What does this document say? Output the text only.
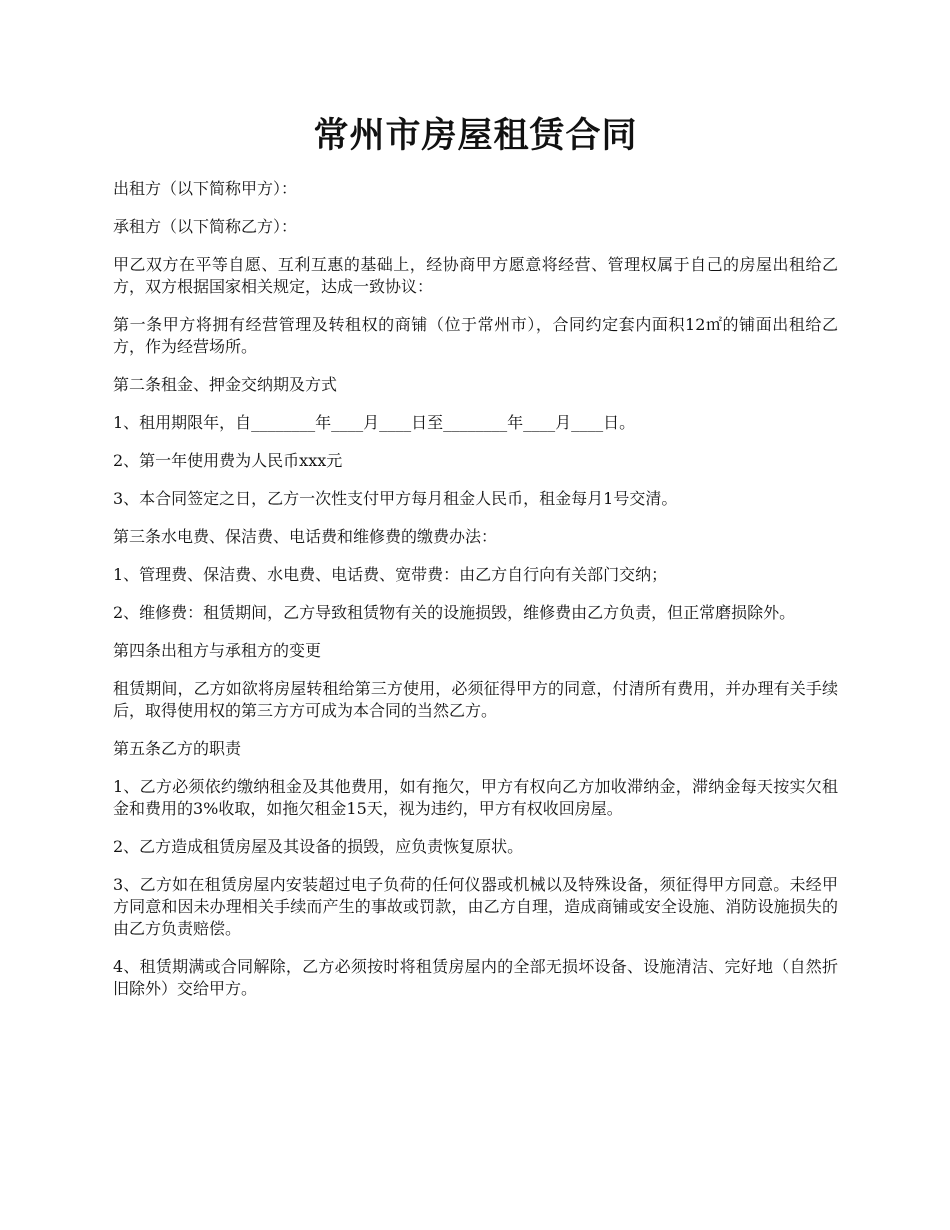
常州市房屋租赁合同

出租方（以下简称甲方）：

承租方（以下简称乙方）：

甲乙双方在平等自愿、互利互惠的基础上，经协商甲方愿意将经营、管理权属于自己的房屋出租给乙方，双方根据国家相关规定，达成一致协议：

第一条甲方将拥有经营管理及转租权的商铺（位于常州市），合同约定套内面积12㎡的铺面出租给乙方，作为经营场所。

第二条租金、押金交纳期及方式

1、租用期限年，自________年____月____日至________年____月____日。

2、第一年使用费为人民币xxx元

3、本合同签定之日，乙方一次性支付甲方每月租金人民币，租金每月1号交清。

第三条水电费、保洁费、电话费和维修费的缴费办法：

1、管理费、保洁费、水电费、电话费、宽带费：由乙方自行向有关部门交纳；

2、维修费：租赁期间，乙方导致租赁物有关的设施损毁，维修费由乙方负责，但正常磨损除外。

第四条出租方与承租方的变更

租赁期间，乙方如欲将房屋转租给第三方使用，必须征得甲方的同意，付清所有费用，并办理有关手续后，取得使用权的第三方方可成为本合同的当然乙方。

第五条乙方的职责

1、乙方必须依约缴纳租金及其他费用，如有拖欠，甲方有权向乙方加收滞纳金，滞纳金每天按实欠租金和费用的3%收取，如拖欠租金15天，视为违约，甲方有权收回房屋。

2、乙方造成租赁房屋及其设备的损毁，应负责恢复原状。

3、乙方如在租赁房屋内安装超过电子负荷的任何仪器或机械以及特殊设备，须征得甲方同意。未经甲方同意和因未办理相关手续而产生的事故或罚款，由乙方自理，造成商铺或安全设施、消防设施损失的由乙方负责赔偿。

4、租赁期满或合同解除，乙方必须按时将租赁房屋内的全部无损坏设备、设施清洁、完好地（自然折旧除外）交给甲方。
